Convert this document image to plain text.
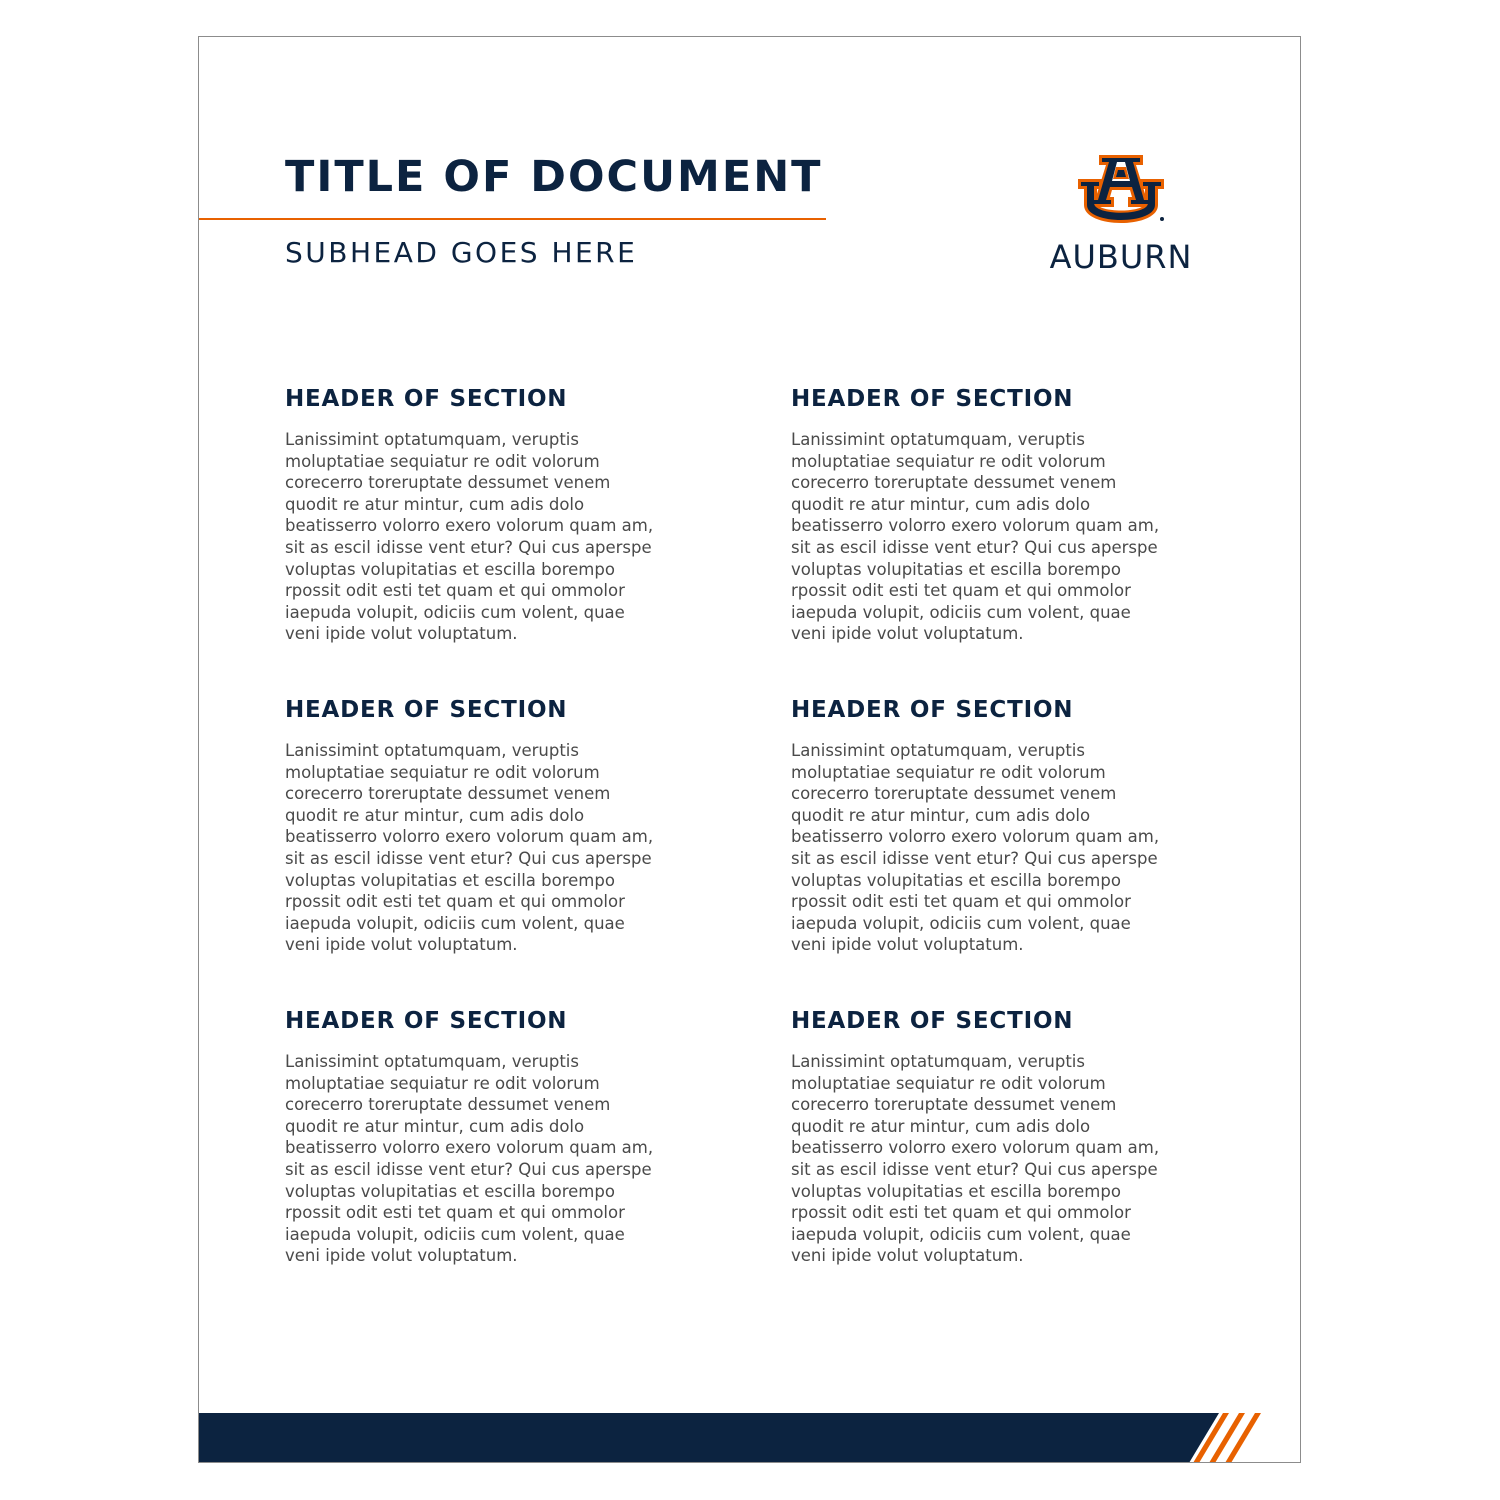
TITLE OF DOCUMENT
SUBHEAD GOES HERE	AUBURN
HEADER OF SECTION

Lanissimint optatumquam, veruptis moluptatiae sequiatur re odit volorum corecerro toreruptate dessumet venem quodit re atur mintur, cum adis dolo beatisserro volorro exero volorum quam am, sit as escil idisse vent etur? Qui cus aperspe voluptas volupitatias et escilla borempo rpossit odit esti tet quam et qui ommolor iaepuda volupit, odiciis cum volent, quae veni ipide volut voluptatum.

HEADER OF SECTION

Lanissimint optatumquam, veruptis moluptatiae sequiatur re odit volorum corecerro toreruptate dessumet venem quodit re atur mintur, cum adis dolo beatisserro volorro exero volorum quam am, sit as escil idisse vent etur? Qui cus aperspe voluptas volupitatias et escilla borempo rpossit odit esti tet quam et qui ommolor iaepuda volupit, odiciis cum volent, quae veni ipide volut voluptatum.

HEADER OF SECTION

Lanissimint optatumquam, veruptis moluptatiae sequiatur re odit volorum corecerro toreruptate dessumet venem quodit re atur mintur, cum adis dolo beatisserro volorro exero volorum quam am, sit as escil idisse vent etur? Qui cus aperspe voluptas volupitatias et escilla borempo rpossit odit esti tet quam et qui ommolor iaepuda volupit, odiciis cum volent, quae veni ipide volut voluptatum.

HEADER OF SECTION

Lanissimint optatumquam, veruptis moluptatiae sequiatur re odit volorum corecerro toreruptate dessumet venem quodit re atur mintur, cum adis dolo beatisserro volorro exero volorum quam am, sit as escil idisse vent etur? Qui cus aperspe voluptas volupitatias et escilla borempo rpossit odit esti tet quam et qui ommolor iaepuda volupit, odiciis cum volent, quae veni ipide volut voluptatum.

HEADER OF SECTION

Lanissimint optatumquam, veruptis moluptatiae sequiatur re odit volorum corecerro toreruptate dessumet venem quodit re atur mintur, cum adis dolo beatisserro volorro exero volorum quam am, sit as escil idisse vent etur? Qui cus aperspe voluptas volupitatias et escilla borempo rpossit odit esti tet quam et qui ommolor iaepuda volupit, odiciis cum volent, quae veni ipide volut voluptatum.

HEADER OF SECTION

Lanissimint optatumquam, veruptis moluptatiae sequiatur re odit volorum corecerro toreruptate dessumet venem quodit re atur mintur, cum adis dolo beatisserro volorro exero volorum quam am, sit as escil idisse vent etur? Qui cus aperspe voluptas volupitatias et escilla borempo rpossit odit esti tet quam et qui ommolor iaepuda volupit, odiciis cum volent, quae veni ipide volut voluptatum.
